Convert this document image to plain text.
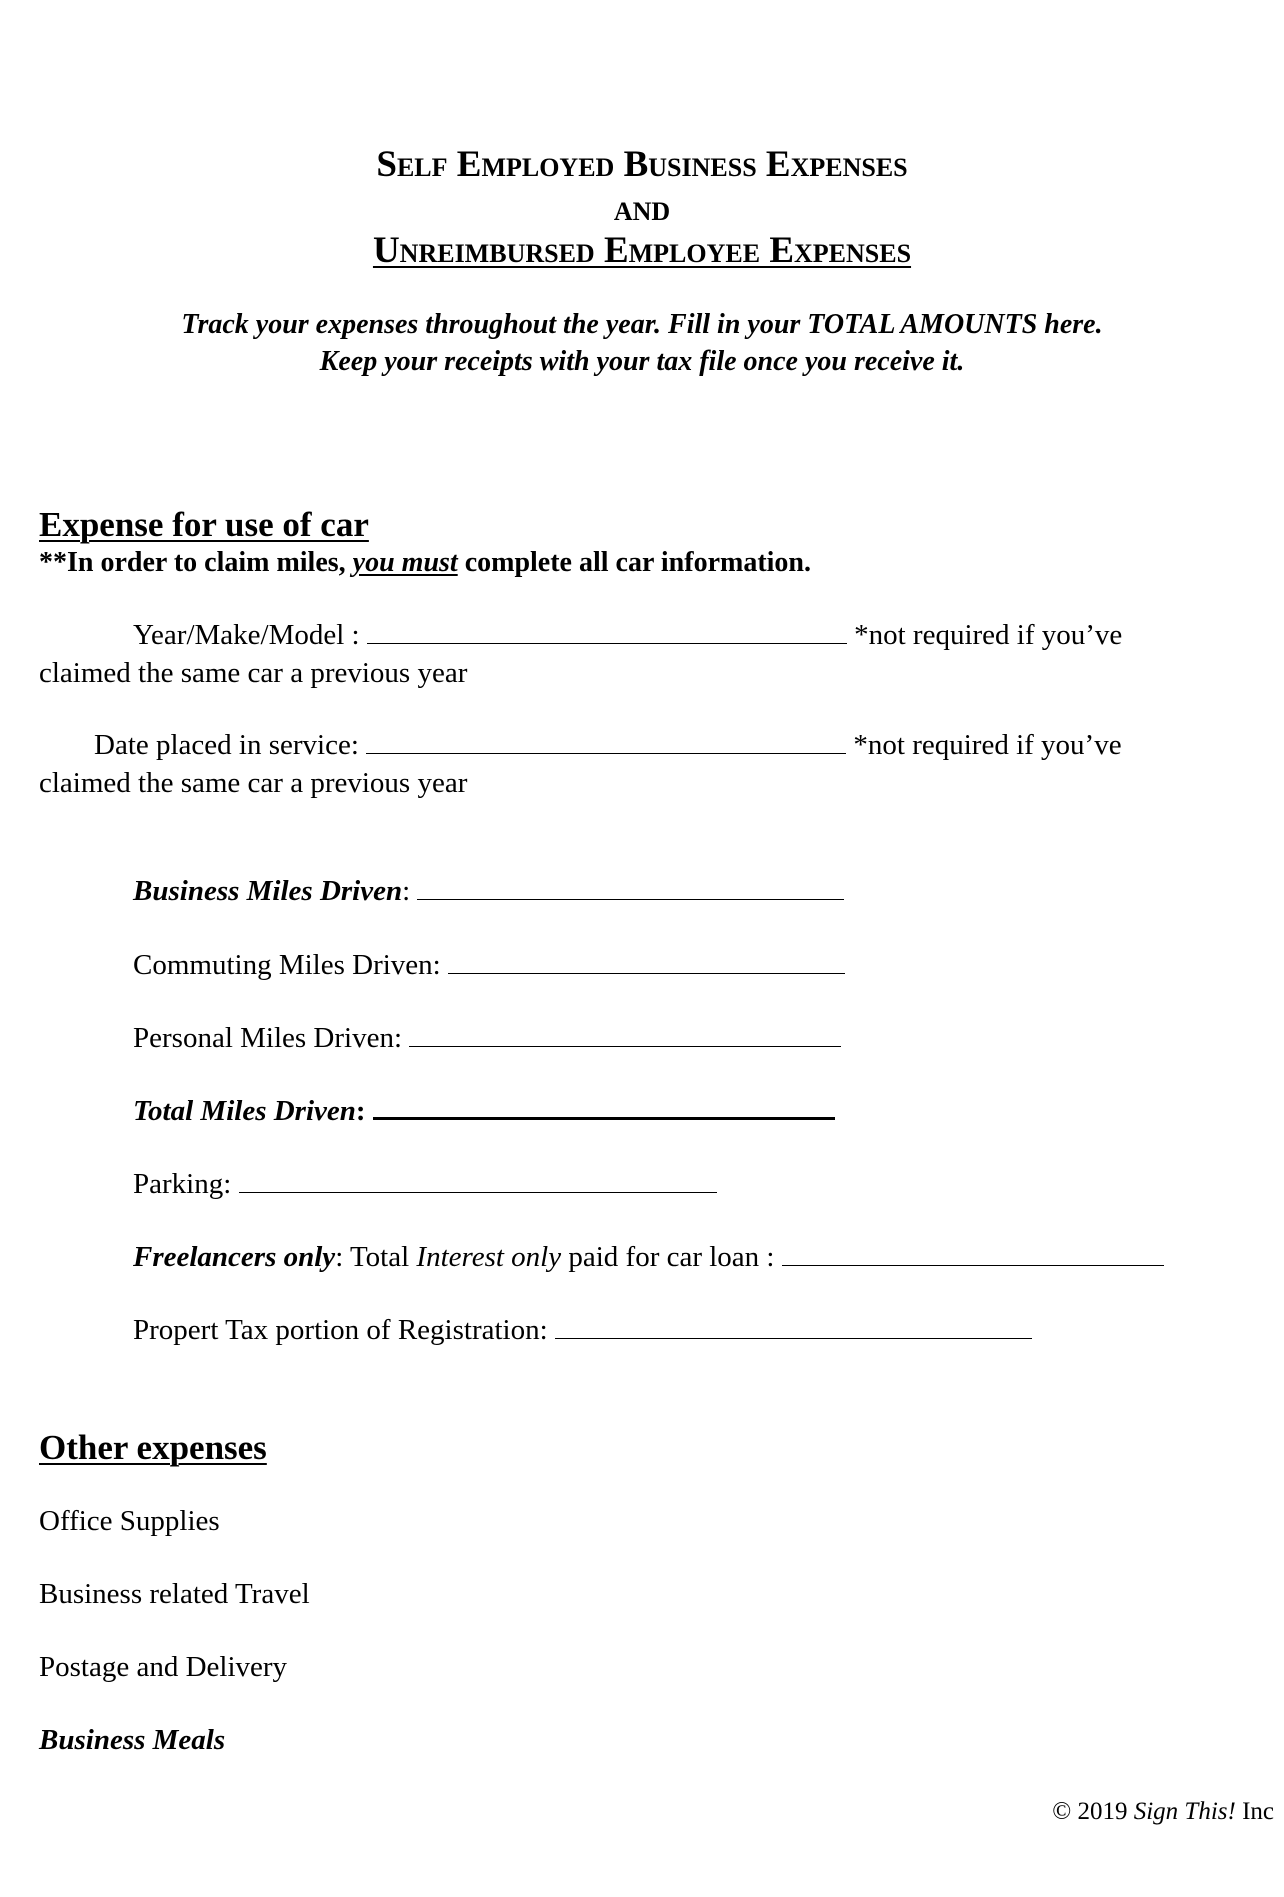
Self Employed Business Expenses
and
Unreimbursed Employee Expenses
Track your expenses throughout the year. Fill in your TOTAL AMOUNTS here.
Keep your receipts with your tax file once you receive it.
Expense for use of car
**In order to claim miles, you must complete all car information.
Year/Make/Model :	*not required if you’ve
claimed the same car a previous year
Date placed in service:	*not required if you’ve
claimed the same car a previous year
Business Miles Driven:
Commuting Miles Driven:
Personal Miles Driven:
Total Miles Driven:
Parking:
Freelancers only: Total Interest only paid for car loan :
Propert Tax portion of Registration:
Other expenses
Office Supplies
Business related Travel
Postage and Delivery
Business Meals
© 2019 Sign This! Inc
